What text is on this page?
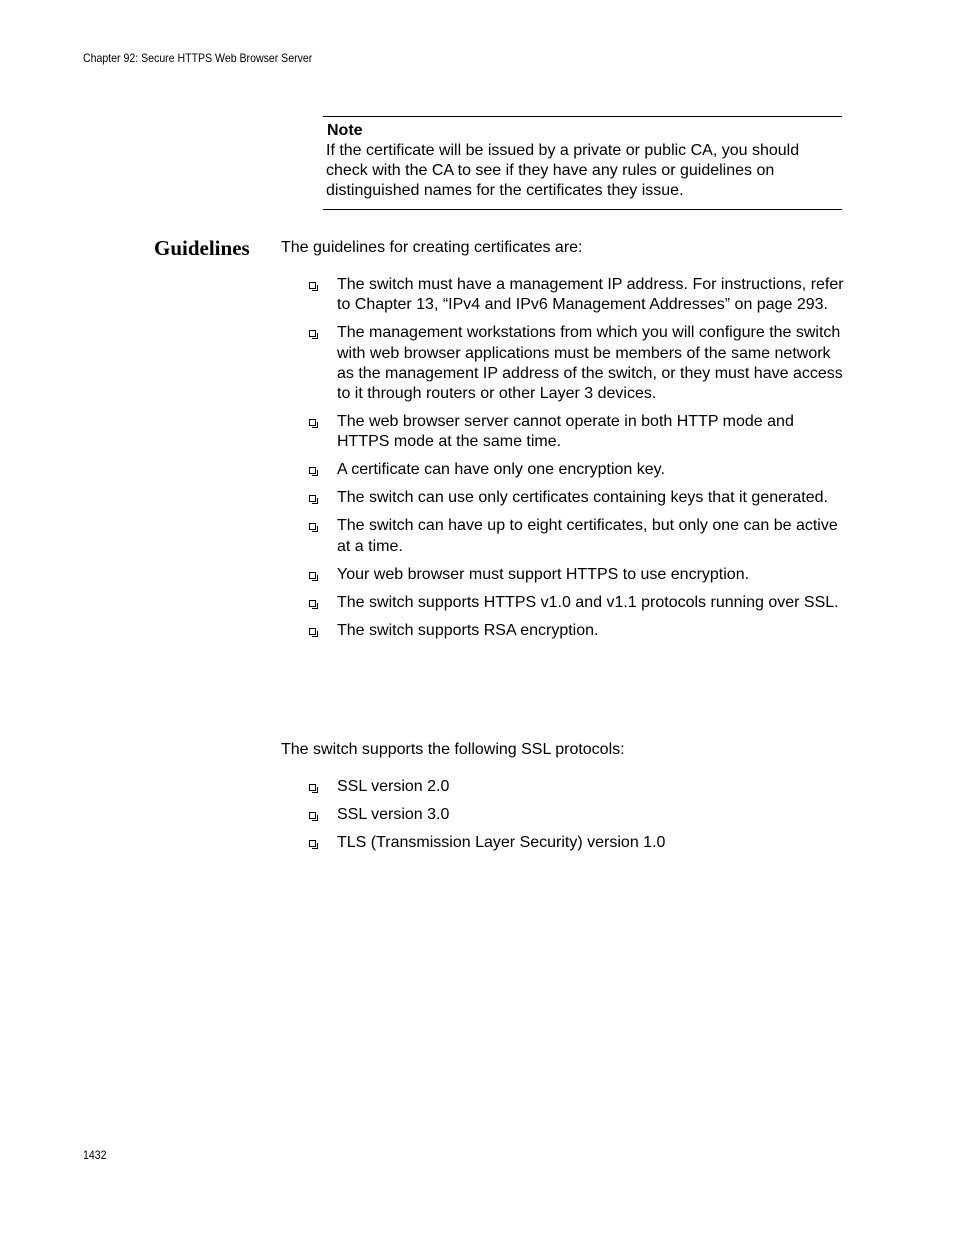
Chapter 92: Secure HTTPS Web Browser Server
Note
If the certificate will be issued by a private or public CA, you should check with the CA to see if they have any rules or guidelines on distinguished names for the certificates they issue.
Guidelines The guidelines for creating certificates are:
The switch must have a management IP address. For instructions, refer to Chapter 13, “IPv4 and IPv6 Management Addresses” on page 293.
The management workstations from which you will configure the switch with web browser applications must be members of the same network as the management IP address of the switch, or they must have access to it through routers or other Layer 3 devices.
The web browser server cannot operate in both HTTP mode and HTTPS mode at the same time.
A certificate can have only one encryption key.
The switch can use only certificates containing keys that it generated.
The switch can have up to eight certificates, but only one can be active at a time.
Your web browser must support HTTPS to use encryption.
The switch supports HTTPS v1.0 and v1.1 protocols running over SSL.
The switch supports RSA encryption.
The switch supports the following SSL protocols:
SSL version 2.0
SSL version 3.0
TLS (Transmission Layer Security) version 1.0
1432
